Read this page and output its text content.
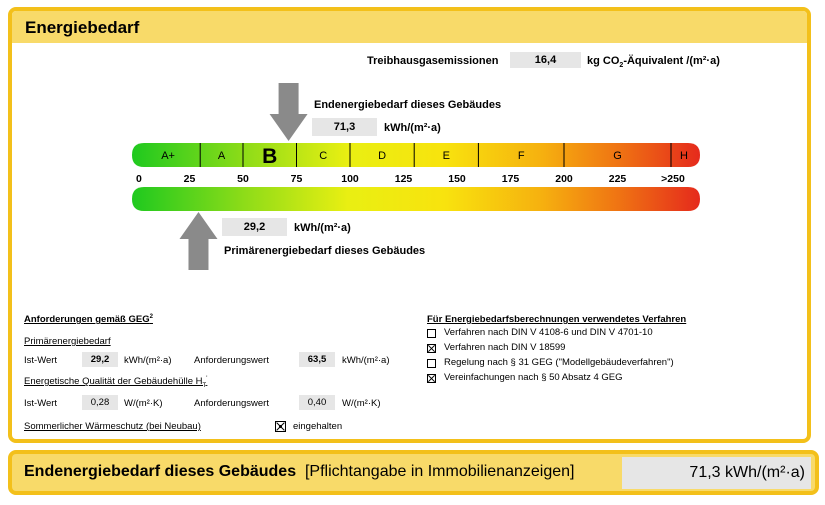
Energiebedarf
Treibhausgasemissionen	16,4	kg $CO_2$-Äquivalent /(m²·a)
Endenergiebedarf dieses Gebäudes
71,3	kWh/(m²·a)
A+	A B	C	D	E	F	G	H
0	25	50	75	100	125	150	175	200	225	>250
29,2	kWh/(m²·a)
Primärenergiebedarf dieses Gebäudes
Anforderungen gemäß GEG$^2$
Primärenergiebedarf
Ist-Wert	29,2	kWh/(m²·a) Anforderungswert	63,5	kWh/(m²·a)
Energetische Qualität der Gebäudehülle $H_T'$
Ist-Wert	0,28	W/(m²·K)	Anforderungswert	0,40	W/(m²·K)
Sommerlicher Wärmeschutz (bei Neubau)	eingehalten
Für Energiebedarfsberechnungen verwendetes Verfahren
Verfahren nach DIN V 4108-6 und DIN V 4701-10
Verfahren nach DIN V 18599
Regelung nach § 31 GEG ("Modellgebäudeverfahren")
Vereinfachungen nach § 50 Absatz 4 GEG
Endenergiebedarf dieses Gebäudes [Pflichtangabe in Immobilienanzeigen]	71,3 kWh/(m²·a)
